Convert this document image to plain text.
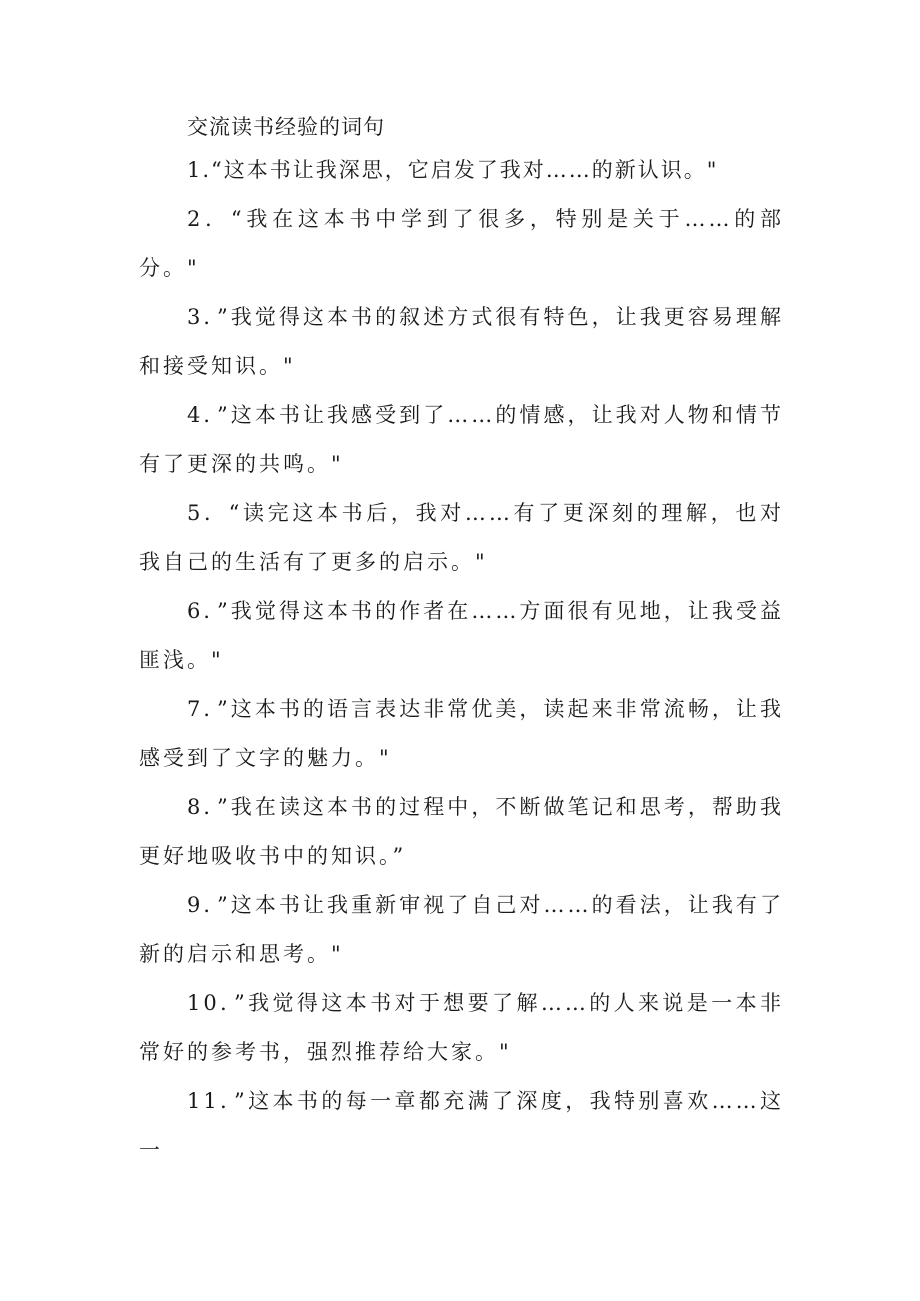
交流读书经验的词句

1.“这本书让我深思，它启发了我对……的新认识。"

2．“我在这本书中学到了很多，特别是关于……的部分。"

3．”我觉得这本书的叙述方式很有特色，让我更容易理解和接受知识。"

4．”这本书让我感受到了……的情感，让我对人物和情节有了更深的共鸣。"

5．“读完这本书后，我对……有了更深刻的理解，也对我自己的生活有了更多的启示。"

6．”我觉得这本书的作者在……方面很有见地，让我受益匪浅。"

7．”这本书的语言表达非常优美，读起来非常流畅，让我感受到了文字的魅力。"

8．”我在读这本书的过程中，不断做笔记和思考，帮助我更好地吸收书中的知识。”

9．”这本书让我重新审视了自己对……的看法，让我有了新的启示和思考。"

10．”我觉得这本书对于想要了解……的人来说是一本非常好的参考书，强烈推荐给大家。"

11．”这本书的每一章都充满了深度，我特别喜欢……这一
